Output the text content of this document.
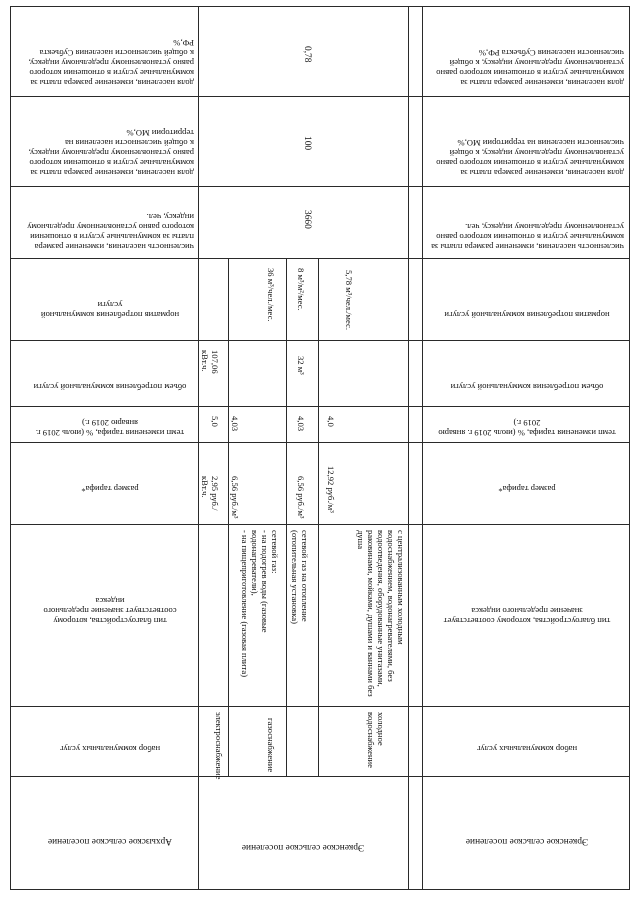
доля населения, изменение размера платы за коммунальные услуги в отношении которого равно установленному предельному индексу, к общей численности населения Субъекта РФ,%
доля населения, изменение размера платы за коммунальные услуги в отношении которого равно установленному предельному индексу, к общей численности населения на территории МО,%
численность населения, изменение размера платы за коммунальные услуги в отношении которого равно установленному предельному индексу, чел.
норматив потребления коммунальной услуги
объем потребления коммунальной услуги
темп изменения тарифа, % (июль 2019 г. январю 2019 г.)
размер тарифа*
тип благоустройства, которому соответствует значение предельного индекса
набор коммунальных услуг
Архызское сельское поселение
доля населения, изменение размера платы за коммунальные услуги в отношении которого равно установленному предельному индексу, к общей численности населения Субъекта РФ,%
доля населения, изменение размера платы за коммунальные услуги в отношении которого равно установленному предельному индексу, к общей численности населения на территории МО,%
численность населения, изменение размера платы за коммунальные услуги в отношении которого равно установленному предельному индексу, чел.
норматив потребления коммунальной услуги
объем потребления коммунальной услуги
темп изменения тарифа, % (июль 2019 г. январю 2019 г.)
размер тарифа*
тип благоустройства, которому соответствует значение предельного индекса
набор коммунальных услуг
Эркенское сельское поселение
0,78
100
3660
Эркенское сельское поселение
электроснабжение	газоснабжение	холодное водоснабжение
2,95 руб./кВт.ч.
5,0
107,06 кВт.ч.
сетевой газ:
- на подогрев воды (газовые водонагреватели),
- на пищеприготовление (газовая плита)
6,56 руб./м³
4,03
36 м³/чел./мес.
сетевой газ на отопление (отопительная установка)
6,56 руб./м³
4,03
32 м³
8 м³/м²/мес.
с централизованным холодным водоснабжением, водонагревателями, без водоотведения, оборудованные унитазами, раковинами, мойками, душами и ваннами без душа
12,92 руб./м³
4,0
5,78 м³/чел./мес.
